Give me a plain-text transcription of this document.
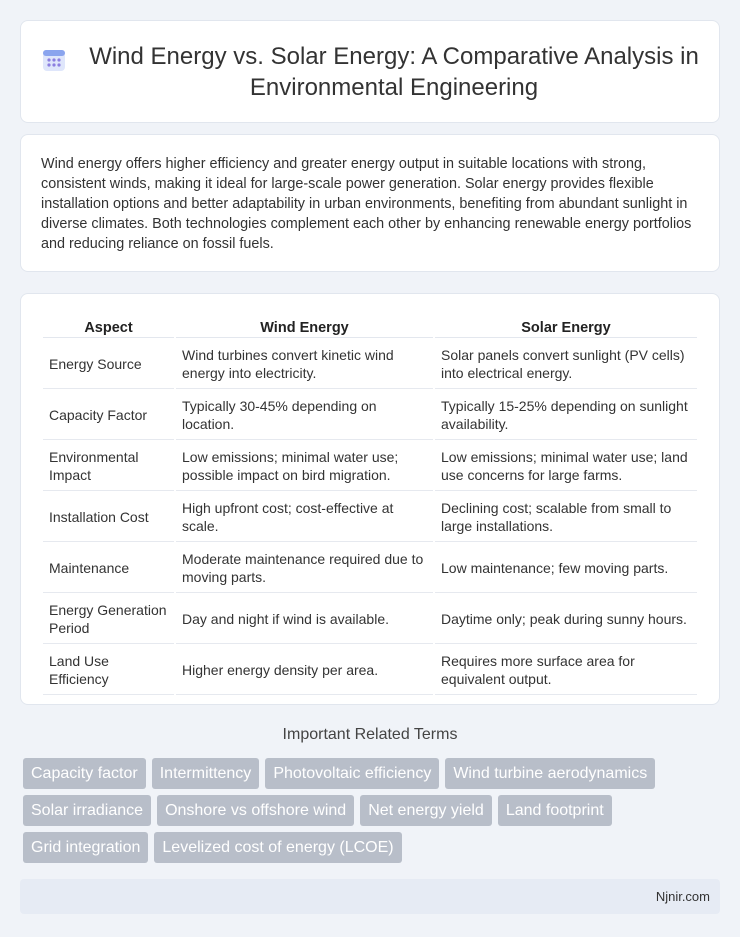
Wind Energy vs. Solar Energy: A Comparative Analysis in Environmental Engineering

Wind energy offers higher efficiency and greater energy output in suitable locations with strong, consistent winds, making it ideal for large-scale power generation. Solar energy provides flexible installation options and better adaptability in urban environments, benefiting from abundant sunlight in diverse climates. Both technologies complement each other by enhancing renewable energy portfolios and reducing reliance on fossil fuels.

Aspect	Wind Energy	Solar Energy
Energy Source	Wind turbines convert kinetic wind energy into electricity.	Solar panels convert sunlight (PV cells) into electrical energy.
Capacity Factor	Typically 30-45% depending on location.	Typically 15-25% depending on sunlight availability.
Environmental Impact	Low emissions; minimal water use; possible impact on bird migration.	Low emissions; minimal water use; land use concerns for large farms.
Installation Cost	High upfront cost; cost-effective at scale.	Declining cost; scalable from small to large installations.
Maintenance	Moderate maintenance required due to moving parts.	Low maintenance; few moving parts.
Energy Generation Period	Day and night if wind is available.	Daytime only; peak during sunny hours.
Land Use Efficiency	Higher energy density per area.	Requires more surface area for equivalent output.
Important Related Terms
Capacity factor	Intermittency	Photovoltaic efficiency	Wind turbine aerodynamics
Solar irradiance	Onshore vs offshore wind	Net energy yield	Land footprint
Grid integration	Levelized cost of energy (LCOE)
Njnir.com
